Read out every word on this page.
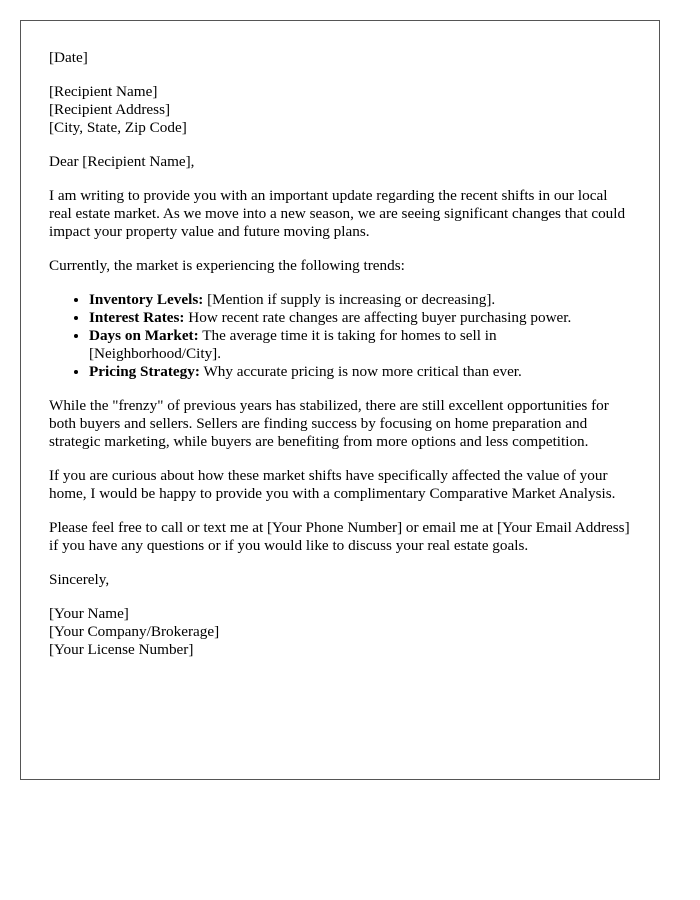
[Date]

[Recipient Name]
[Recipient Address]
[City, State, Zip Code]

Dear [Recipient Name],

I am writing to provide you with an important update regarding the recent shifts in our local real estate market. As we move into a new season, we are seeing significant changes that could impact your property value and future moving plans.

Currently, the market is experiencing the following trends:

• Inventory Levels: [Mention if supply is increasing or decreasing].
• Interest Rates: How recent rate changes are affecting buyer purchasing power.
• Days on Market: The average time it is taking for homes to sell in [Neighborhood/City].
• Pricing Strategy: Why accurate pricing is now more critical than ever.

While the "frenzy" of previous years has stabilized, there are still excellent opportunities for both buyers and sellers. Sellers are finding success by focusing on home preparation and strategic marketing, while buyers are benefiting from more options and less competition.

If you are curious about how these market shifts have specifically affected the value of your home, I would be happy to provide you with a complimentary Comparative Market Analysis.

Please feel free to call or text me at [Your Phone Number] or email me at [Your Email Address] if you have any questions or if you would like to discuss your real estate goals.

Sincerely,

[Your Name]
[Your Company/Brokerage]
[Your License Number]
